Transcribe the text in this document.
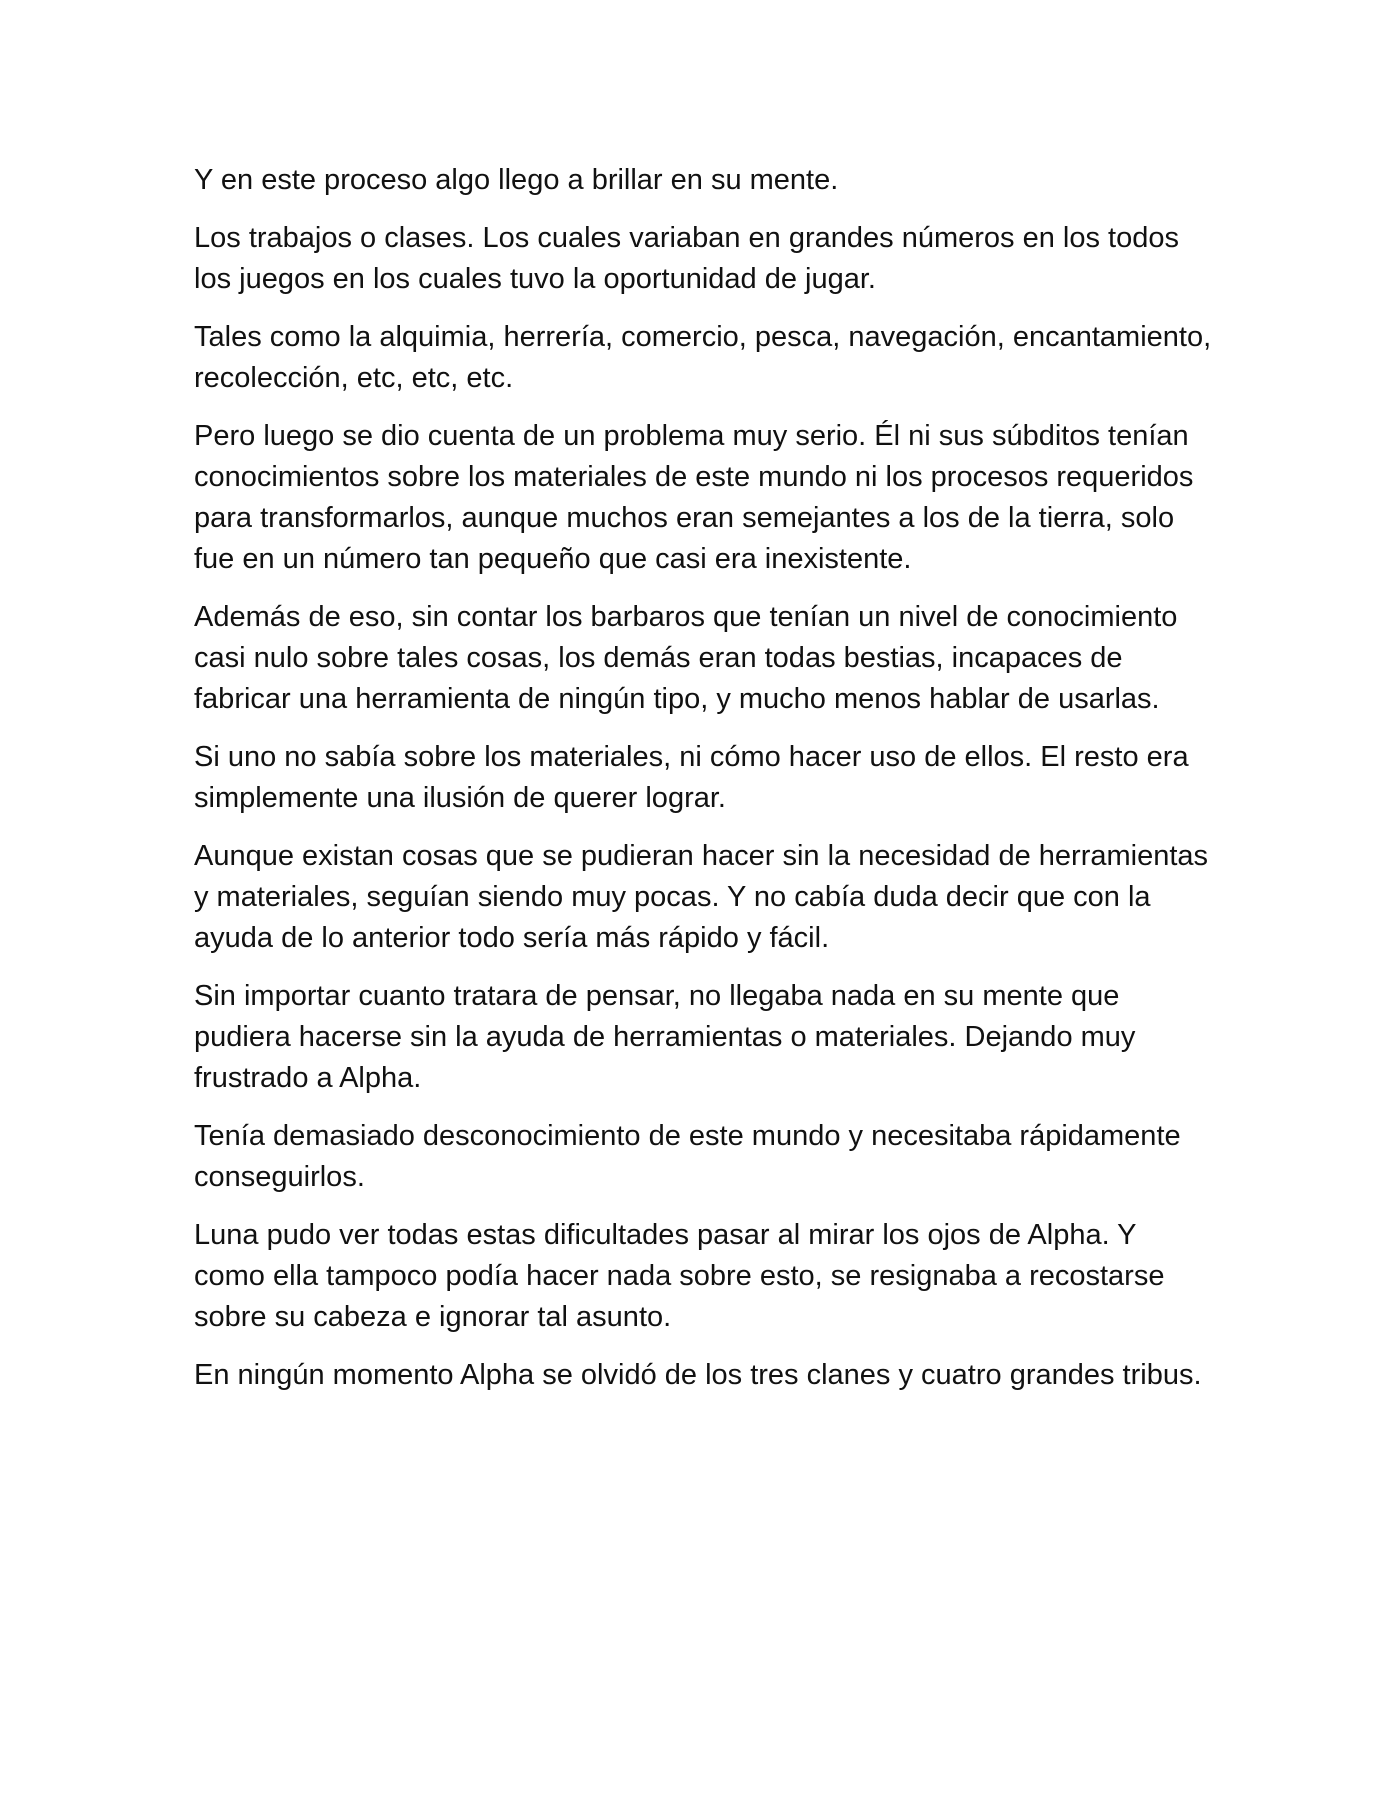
Y en este proceso algo llego a brillar en su mente.

Los trabajos o clases. Los cuales variaban en grandes números en los todos los juegos en los cuales tuvo la oportunidad de jugar.

Tales como la alquimia, herrería, comercio, pesca, navegación, encantamiento, recolección, etc, etc, etc.

Pero luego se dio cuenta de un problema muy serio. Él ni sus súbditos tenían conocimientos sobre los materiales de este mundo ni los procesos requeridos para transformarlos, aunque muchos eran semejantes a los de la tierra, solo fue en un número tan pequeño que casi era inexistente.

Además de eso, sin contar los barbaros que tenían un nivel de conocimiento casi nulo sobre tales cosas, los demás eran todas bestias, incapaces de fabricar una herramienta de ningún tipo, y mucho menos hablar de usarlas.

Si uno no sabía sobre los materiales, ni cómo hacer uso de ellos. El resto era simplemente una ilusión de querer lograr.

Aunque existan cosas que se pudieran hacer sin la necesidad de herramientas y materiales, seguían siendo muy pocas. Y no cabía duda decir que con la ayuda de lo anterior todo sería más rápido y fácil.

Sin importar cuanto tratara de pensar, no llegaba nada en su mente que pudiera hacerse sin la ayuda de herramientas o materiales. Dejando muy frustrado a Alpha.

Tenía demasiado desconocimiento de este mundo y necesitaba rápidamente conseguirlos.

Luna pudo ver todas estas dificultades pasar al mirar los ojos de Alpha. Y como ella tampoco podía hacer nada sobre esto, se resignaba a recostarse sobre su cabeza e ignorar tal asunto.

En ningún momento Alpha se olvidó de los tres clanes y cuatro grandes tribus.
